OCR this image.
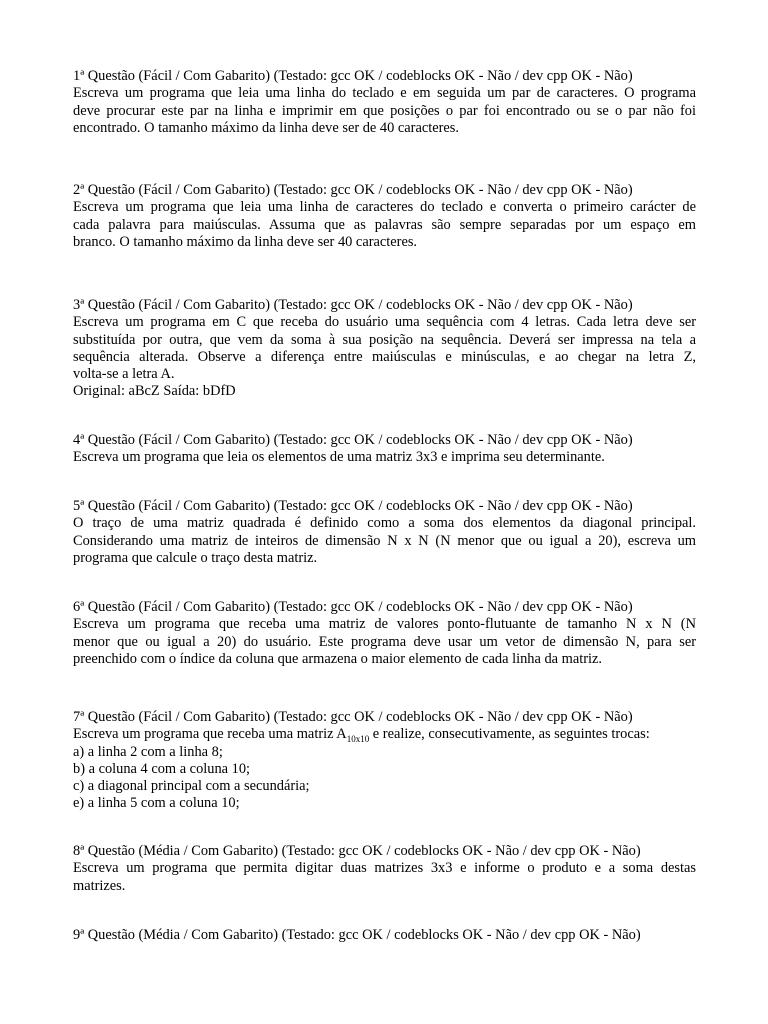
1ª Questão (Fácil / Com Gabarito) (Testado: gcc OK / codeblocks OK - Não / dev cpp OK - Não)
Escreva um programa que leia uma linha do teclado e em seguida um par de caracteres. O programa
deve procurar este par na linha e imprimir em que posições o par foi encontrado ou se o par não foi
encontrado. O tamanho máximo da linha deve ser de 40 caracteres.
2ª Questão (Fácil / Com Gabarito) (Testado: gcc OK / codeblocks OK - Não / dev cpp OK - Não)
Escreva um programa que leia uma linha de caracteres do teclado e converta o primeiro carácter de
cada palavra para maiúsculas. Assuma que as palavras são sempre separadas por um espaço em
branco. O tamanho máximo da linha deve ser 40 caracteres.
3ª Questão (Fácil / Com Gabarito) (Testado: gcc OK / codeblocks OK - Não / dev cpp OK - Não)
Escreva um programa em C que receba do usuário uma sequência com 4 letras. Cada letra deve ser
substituída por outra, que vem da soma à sua posição na sequência. Deverá ser impressa na tela a
sequência alterada. Observe a diferença entre maiúsculas e minúsculas, e ao chegar na letra Z,
volta-se a letra A.
Original: aBcZ Saída: bDfD
4ª Questão (Fácil / Com Gabarito) (Testado: gcc OK / codeblocks OK - Não / dev cpp OK - Não)
Escreva um programa que leia os elementos de uma matriz 3x3 e imprima seu determinante.
5ª Questão (Fácil / Com Gabarito) (Testado: gcc OK / codeblocks OK - Não / dev cpp OK - Não)
O traço de uma matriz quadrada é definido como a soma dos elementos da diagonal principal.
Considerando uma matriz de inteiros de dimensão N x N (N menor que ou igual a 20), escreva um
programa que calcule o traço desta matriz.
6ª Questão (Fácil / Com Gabarito) (Testado: gcc OK / codeblocks OK - Não / dev cpp OK - Não)
Escreva um programa que receba uma matriz de valores ponto-flutuante de tamanho N x N (N
menor que ou igual a 20) do usuário. Este programa deve usar um vetor de dimensão N, para ser
preenchido com o índice da coluna que armazena o maior elemento de cada linha da matriz.
7ª Questão (Fácil / Com Gabarito) (Testado: gcc OK / codeblocks OK - Não / dev cpp OK - Não)
Escreva um programa que receba uma matriz $A_{10x10}$ e realize, consecutivamente, as seguintes trocas:
a) a linha 2 com a linha 8;
b) a coluna 4 com a coluna 10;
c) a diagonal principal com a secundária;
e) a linha 5 com a coluna 10;
8ª Questão (Média / Com Gabarito) (Testado: gcc OK / codeblocks OK - Não / dev cpp OK - Não)
Escreva um programa que permita digitar duas matrizes 3x3 e informe o produto e a soma destas
matrizes.
9ª Questão (Média / Com Gabarito) (Testado: gcc OK / codeblocks OK - Não / dev cpp OK - Não)
